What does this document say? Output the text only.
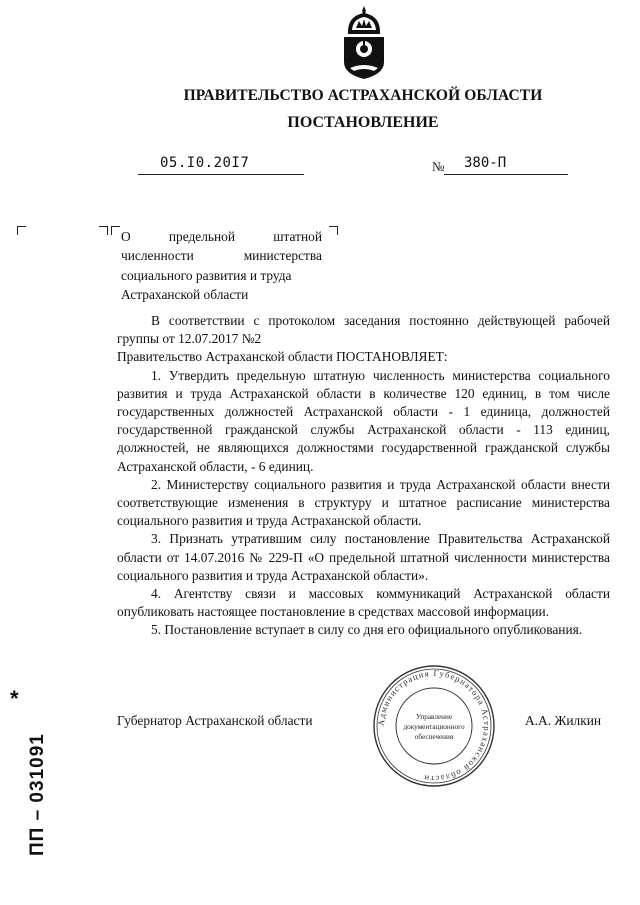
ПРАВИТЕЛЬСТВО АСТРАХАНСКОЙ ОБЛАСТИ
ПОСТАНОВЛЕНИЕ
05.I0.20I7	№ 380-П
О предельной штатной
численности министерства
социального развития и труда
Астраханской области

В соответствии с протоколом заседания постоянно действующей рабочей группы от 12.07.2017 №2

Правительство Астраханской области ПОСТАНОВЛЯЕТ:

1. Утвердить предельную штатную численность министерства социального развития и труда Астраханской области в количестве 120 единиц, в том числе государственных должностей Астраханской области - 1 единица, должностей государственной гражданской службы Астраханской области - 113 единиц, должностей, не являющихся должностями государственной гражданской службы Астраханской области, - 6 единиц.

2. Министерству социального развития и труда Астраханской области внести соответствующие изменения в структуру и штатное расписание министерства социального развития и труда Астраханской области.

3. Признать утратившим силу постановление Правительства Астраханской области от 14.07.2016 № 229-П «О предельной штатной численности министерства социального развития и труда Астраханской области».

4. Агентству связи и массовых коммуникаций Астраханской области опубликовать настоящее постановление в средствах массовой информации.

5. Постановление вступает в силу со дня его официального опубликования.

Губернатор Астраханской области	А.А. Жилкин
Администрация Губернатора Астраханской области
Управление
документационного
обеспечения
*
ПП – 031091
